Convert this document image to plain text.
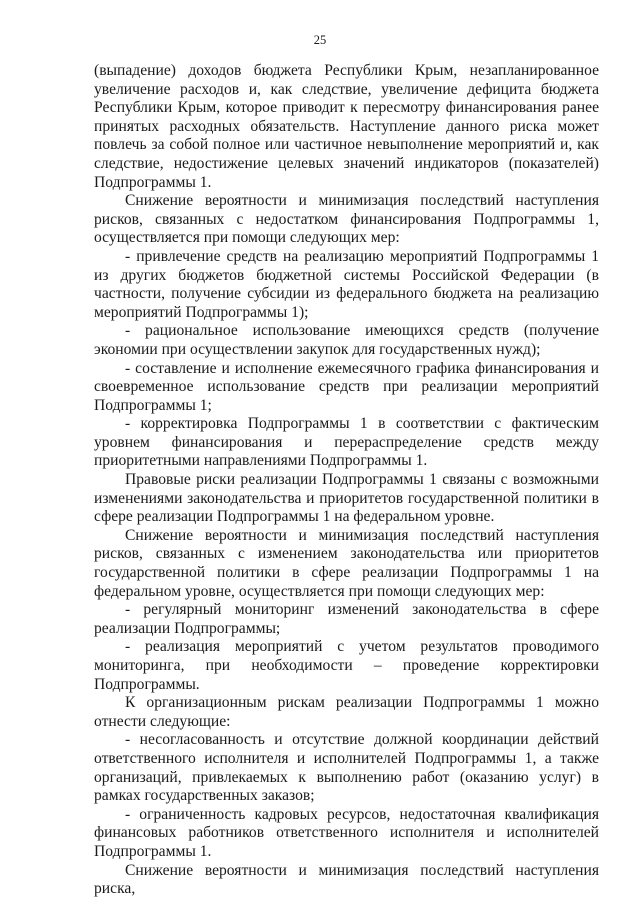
25

(выпадение) доходов бюджета Республики Крым, незапланированное увеличение расходов и, как следствие, увеличение дефицита бюджета Республики Крым, которое приводит к пересмотру финансирования ранее принятых расходных обязательств. Наступление данного риска может повлечь за собой полное или частичное невыполнение мероприятий и, как следствие, недостижение целевых значений индикаторов (показателей) Подпрограммы 1.

Снижение вероятности и минимизация последствий наступления рисков, связанных с недостатком финансирования Подпрограммы 1, осуществляется при помощи следующих мер:

- привлечение средств на реализацию мероприятий Подпрограммы 1 из других бюджетов бюджетной системы Российской Федерации (в частности, получение субсидии из федерального бюджета на реализацию мероприятий Подпрограммы 1);

- рациональное использование имеющихся средств (получение экономии при осуществлении закупок для государственных нужд);

- составление и исполнение ежемесячного графика финансирования и своевременное использование средств при реализации мероприятий Подпрограммы 1;

- корректировка Подпрограммы 1 в соответствии с фактическим уровнем финансирования и перераспределение средств между приоритетными направлениями Подпрограммы 1.

Правовые риски реализации Подпрограммы 1 связаны с возможными изменениями законодательства и приоритетов государственной политики в сфере реализации Подпрограммы 1 на федеральном уровне.

Снижение вероятности и минимизация последствий наступления рисков, связанных с изменением законодательства или приоритетов государственной политики в сфере реализации Подпрограммы 1 на федеральном уровне, осуществляется при помощи следующих мер:

- регулярный мониторинг изменений законодательства в сфере реализации Подпрограммы;

- реализация мероприятий с учетом результатов проводимого мониторинга, при необходимости – проведение корректировки Подпрограммы.

К организационным рискам реализации Подпрограммы 1 можно отнести следующие:

- несогласованность и отсутствие должной координации действий ответственного исполнителя и исполнителей Подпрограммы 1, а также организаций, привлекаемых к выполнению работ (оказанию услуг) в рамках государственных заказов;

- ограниченность кадровых ресурсов, недостаточная квалификация финансовых работников ответственного исполнителя и исполнителей Подпрограммы 1.

Снижение вероятности и минимизация последствий наступления риска,
